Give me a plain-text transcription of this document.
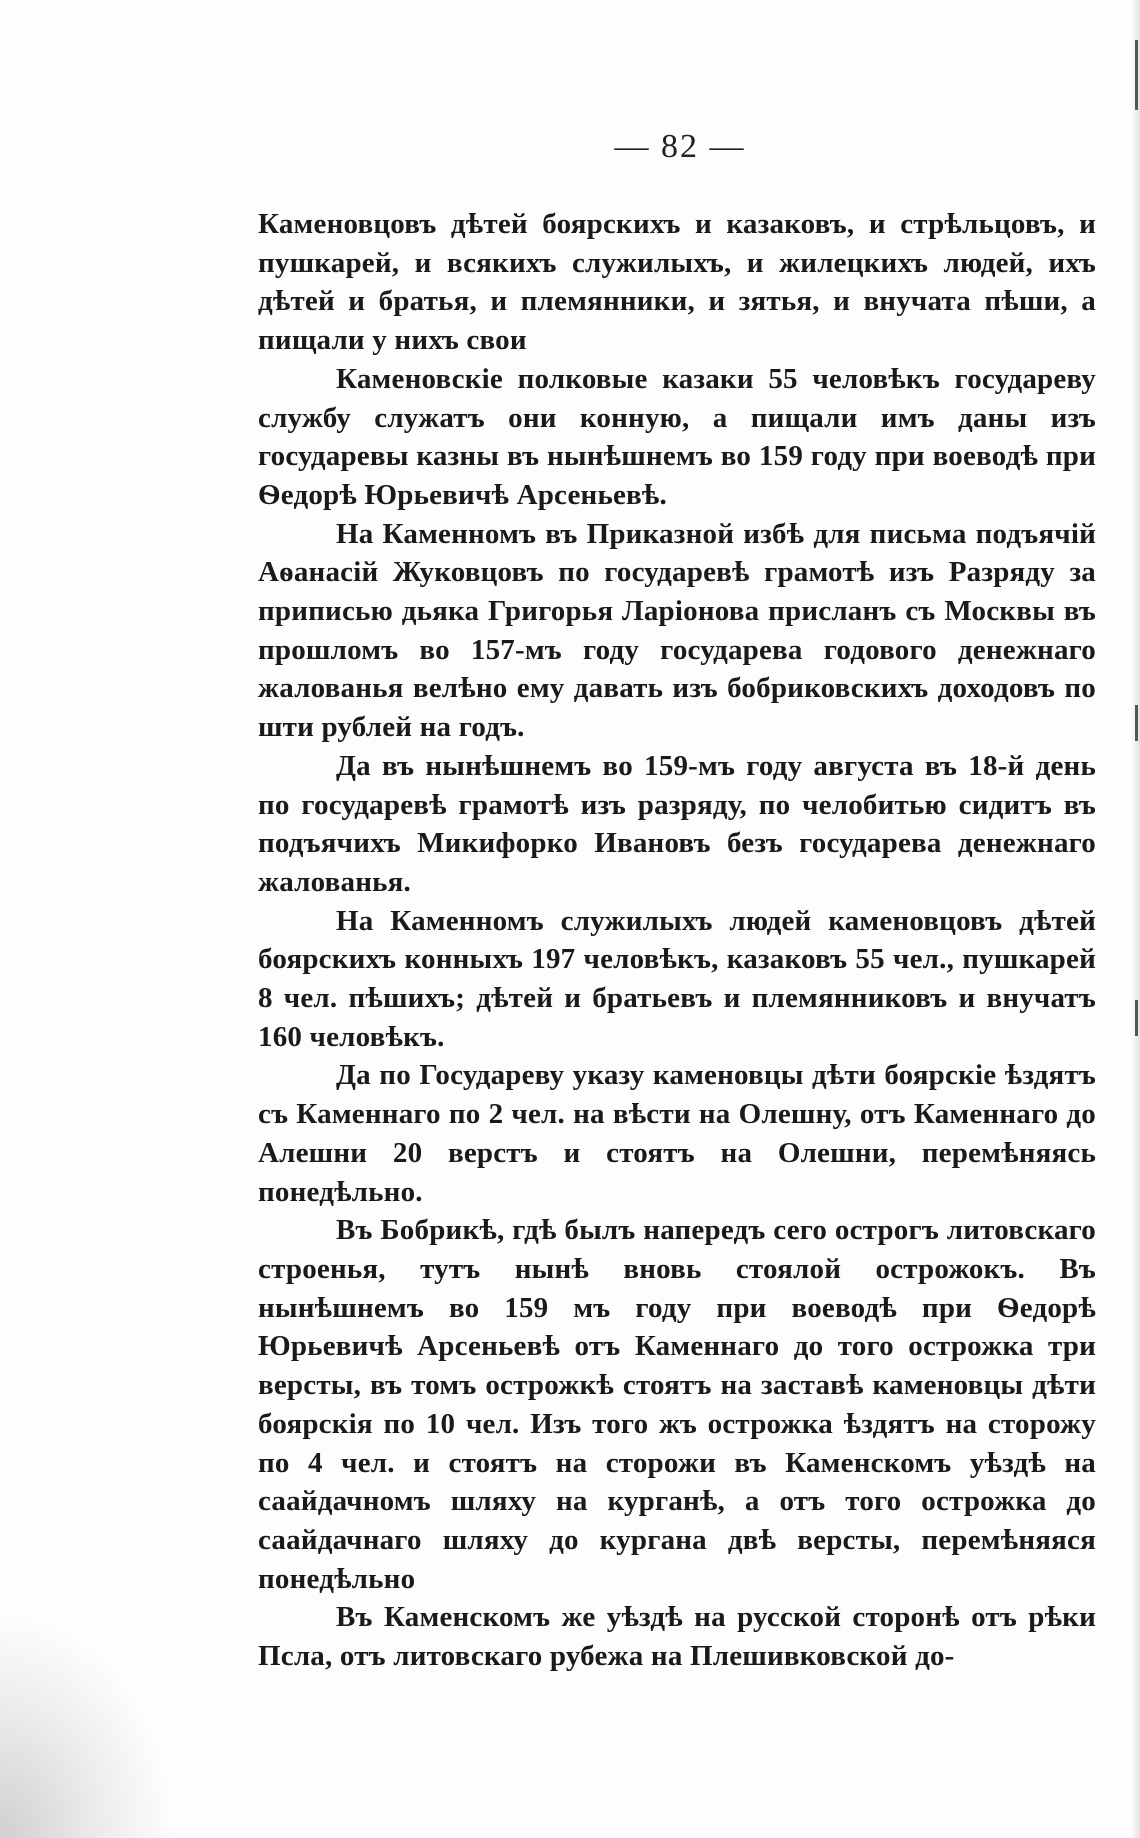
— 82 —

Каменовцовъ дѣтей боярскихъ и казаковъ, и стрѣльцовъ, и пушкарей, и всякихъ служилыхъ, и жилецкихъ людей, ихъ дѣтей и братья, и племянники, и зятья, и внучата пѣши, а пищали у нихъ свои

Каменовскіе полковые казаки 55 человѣкъ государеву службу служатъ они конную, а пищали имъ даны изъ государевы казны въ нынѣшнемъ во 159 году при воеводѣ при Ѳедорѣ Юрьевичѣ Арсеньевѣ.

На Каменномъ въ Приказной избѣ для письма подъячій Аѳанасій Жуковцовъ по государевѣ грамотѣ изъ Разряду за приписью дьяка Григорья Ларіонова присланъ съ Москвы въ прошломъ во 157-мъ году государева годового денежнаго жалованья велѣно ему давать изъ бобриковскихъ доходовъ по шти рублей на годъ.

Да въ нынѣшнемъ во 159-мъ году августа въ 18-й день по государевѣ грамотѣ изъ разряду, по челобитью сидитъ въ подъячихъ Микифорко Ивановъ безъ государева денежнаго жалованья.

На Каменномъ служилыхъ людей каменовцовъ дѣтей боярскихъ конныхъ 197 человѣкъ, казаковъ 55 чел., пушкарей 8 чел. пѣшихъ; дѣтей и братьевъ и племянниковъ и внучатъ 160 человѣкъ.

Да по Государеву указу каменовцы дѣти боярскіе ѣздятъ съ Каменнаго по 2 чел. на вѣсти на Олешну, отъ Каменнаго до Алешни 20 верстъ и стоятъ на Олешни, перемѣняясь понедѣльно.

Въ Бобрикѣ, гдѣ былъ напередъ сего острогъ литовскаго строенья, тутъ нынѣ вновь стоялой острожокъ. Въ нынѣшнемъ во 159 мъ году при воеводѣ при Ѳедорѣ Юрьевичѣ Арсеньевѣ отъ Каменнаго до того острожка три версты, въ томъ острожкѣ стоятъ на заставѣ каменовцы дѣти боярскія по 10 чел. Изъ того жъ острожка ѣздятъ на сторожу по 4 чел. и стоятъ на сторожи въ Каменскомъ уѣздѣ на саайдачномъ шляху на курганѣ, а отъ того острожка до саайдачнаго шляху до кургана двѣ версты, перемѣняяся понедѣльно

Въ Каменскомъ же уѣздѣ на русской сторонѣ отъ рѣки Псла, отъ литовскаго рубежа на Плешивковской до-
